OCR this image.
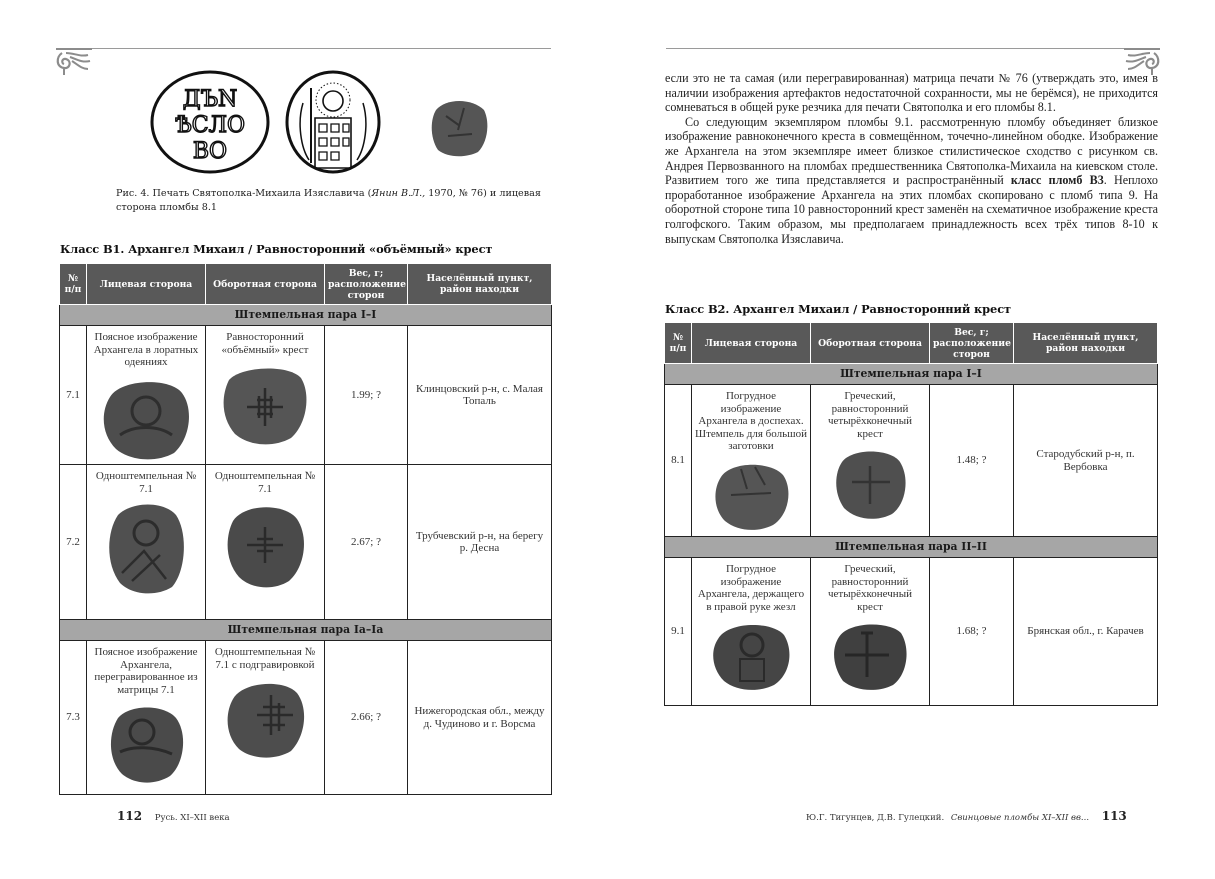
ДЪN
ѢСЛО
ВО
Рис. 4. Печать Святополка-Михаила Изяславича (Янин В.Л., 1970, № 76) и лицевая сторона пломбы 8.1
Класс В1. Архангел Михаил / Равносторонний «объёмный» крест
№ п/п	Лицевая сторона	Оборотная сторона	Вес, г; расположение сторон	Населённый пункт, район находки
Штемпельная пара I–I				
7.1	Поясное изображение Архангела в лоратных одеяниях	Равносторонний «объёмный» крест	1.99; ?	Клинцовский р-н, с. Малая Топаль
7.2	Одноштемпельная № 7.1	Одноштемпельная № 7.1	2.67; ?	Трубчевский р-н, на берегу р. Десна
Штемпельная пара Ia–Ia				
7.3	Поясное изображение Архангела, перегравированное из матрицы 7.1	Одноштемпельная № 7.1 с подгравировкой	2.66; ?	Нижегородская обл., между д. Чудиново и г. Ворсма
112 Русь. XI–XII века

если это не та самая (или перегравированная) матрица печати № 76 (утверждать это, имея в наличии изображения артефактов недостаточной сохранности, мы не берёмся), не приходится сомневаться в общей руке резчика для печати Святополка и его пломбы 8.1.

Со следующим экземпляром пломбы 9.1. рассмотренную пломбу объединяет близкое изображение равноконечного креста в совмещённом, точечно-линейном ободке. Изображение же Архангела на этом экземпляре имеет близкое стилистическое сходство с рисунком св. Андрея Первозванного на пломбах предшественника Святополка-Михаила на киевском столе. Развитием того же типа представляется и распространённый класс пломб В3. Неплохо проработанное изображение Архангела на этих пломбах скопировано с пломб типа 9. На оборотной стороне типа 10 равносторонний крест заменён на схематичное изображение креста голгофского. Таким образом, мы предполагаем принадлежность всех трёх типов 8-10 к выпускам Святополка Изяславича.

Класс В2. Архангел Михаил / Равносторонний крест
№ п/п	Лицевая сторона	Оборотная сторона	Вес, г; расположение сторон	Населённый пункт, район находки
Штемпельная пара I–I				
8.1	Погрудное изображение Архангела в доспехах. Штемпель для большой заготовки	Греческий, равносторонний четырёхконечный крест	1.48; ?	Стародубский р-н, п. Вербовка
Штемпельная пара II–II				
9.1	Погрудное изображение Архангела, держащего в правой руке жезл	Греческий, равносторонний четырёхконечный крест	1.68; ?	Брянская обл., г. Карачев
Ю.Г. Тигунцев, Д.В. Гулецкий. Свинцовые пломбы XI–XII вв... 113
